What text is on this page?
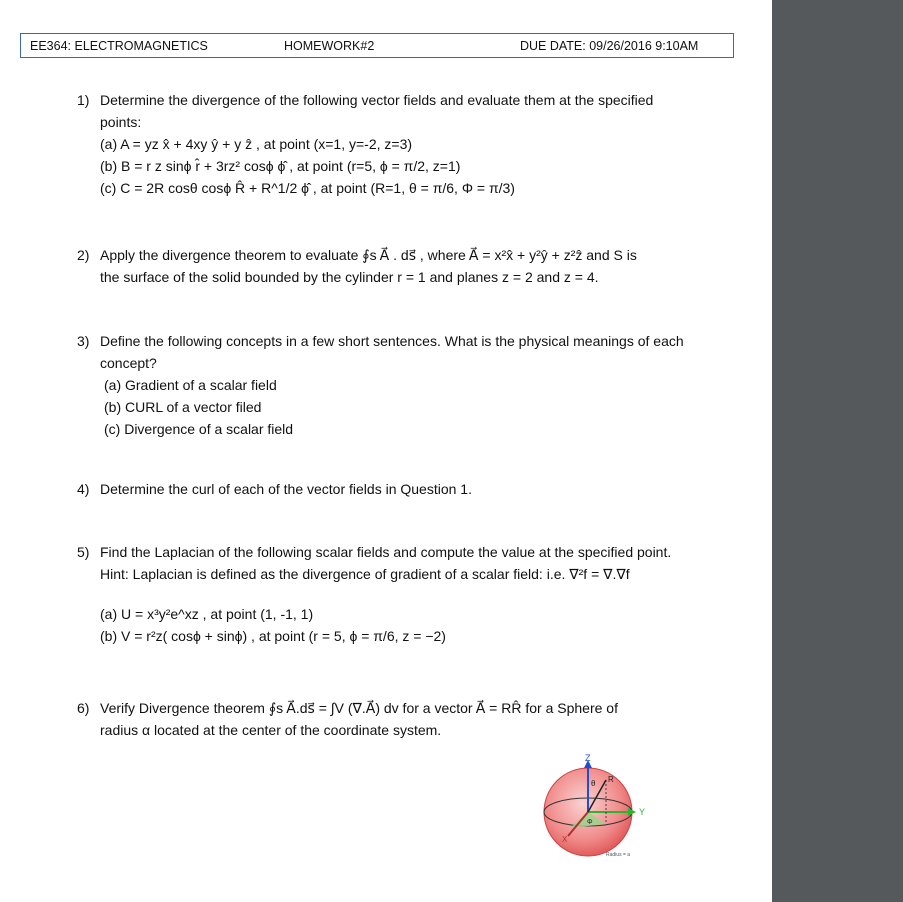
EE364: ELECTROMAGNETICS	HOMEWORK#2	DUE DATE: 09/26/2016 9:10AM
1) Determine the divergence of the following vector fields and evaluate them at the specified
points:
(a) A = yz x̂ + 4xy ŷ + y ẑ , at point (x=1, y=-2, z=3)
(b) B = r z sinϕ r̂ + 3rz² cosϕ ϕ̂ , at point (r=5, ϕ = π/2, z=1)
(c) C = 2R cosθ cosϕ R̂ + R^1/2 ϕ̂ , at point (R=1, θ = π/6, Φ = π/3)
2) Apply the divergence theorem to evaluate ∮s A⃗ . ds⃗ , where A⃗ = x²x̂ + y²ŷ + z²ẑ and S is
the surface of the solid bounded by the cylinder r = 1 and planes z = 2 and z = 4.
3) Define the following concepts in a few short sentences. What is the physical meanings of each
concept?
(a) Gradient of a scalar field
(b) CURL of a vector filed
(c) Divergence of a scalar field
4) Determine the curl of each of the vector fields in Question 1.
5) Find the Laplacian of the following scalar fields and compute the value at the specified point.
Hint: Laplacian is defined as the divergence of gradient of a scalar field: i.e. ∇²f = ∇.∇f
(a) U = x³y²e^xz , at point (1, -1, 1)
(b) V = r²z( cosϕ + sinϕ) , at point (r = 5, ϕ = π/6, z = −2)
6) Verify Divergence theorem ∮s A⃗.ds⃗ = ∫V (∇.A⃗) dv for a vector A⃗ = RR̂ for a Sphere of
radius α located at the center of the coordinate system.
Z
Y
X
θ R
Φ
Radius = a
